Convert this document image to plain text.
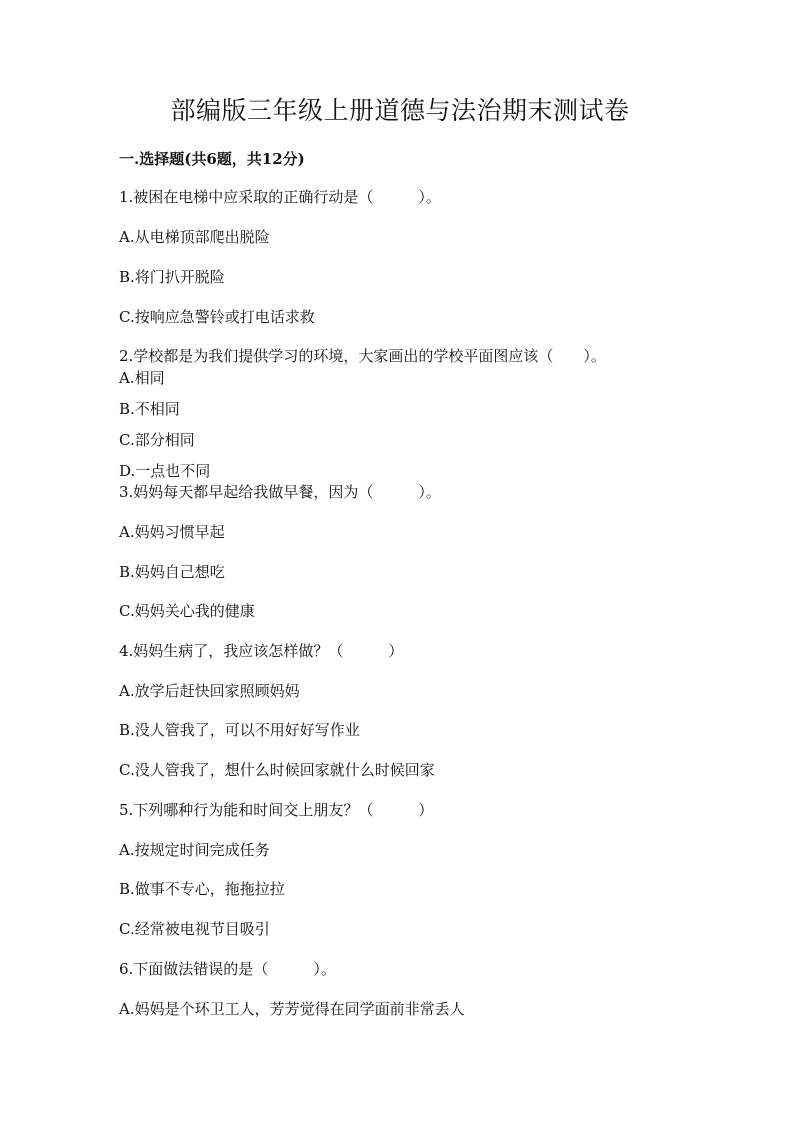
部编版三年级上册道德与法治期末测试卷
一.选择题(共6题，共12分)
1.被困在电梯中应采取的正确行动是（　　　）。
A.从电梯顶部爬出脱险
B.将门扒开脱险
C.按响应急警铃或打电话求救
2.学校都是为我们提供学习的环境，大家画出的学校平面图应该（　　）。
A.相同
B.不相同
C.部分相同
D.一点也不同
3.妈妈每天都早起给我做早餐，因为（　　　）。
A.妈妈习惯早起
B.妈妈自己想吃
C.妈妈关心我的健康
4.妈妈生病了，我应该怎样做？（　　　）
A.放学后赶快回家照顾妈妈
B.没人管我了，可以不用好好写作业
C.没人管我了，想什么时候回家就什么时候回家
5.下列哪种行为能和时间交上朋友？（　　　）
A.按规定时间完成任务
B.做事不专心，拖拖拉拉
C.经常被电视节目吸引
6.下面做法错误的是（　　　）。
A.妈妈是个环卫工人，芳芳觉得在同学面前非常丢人
